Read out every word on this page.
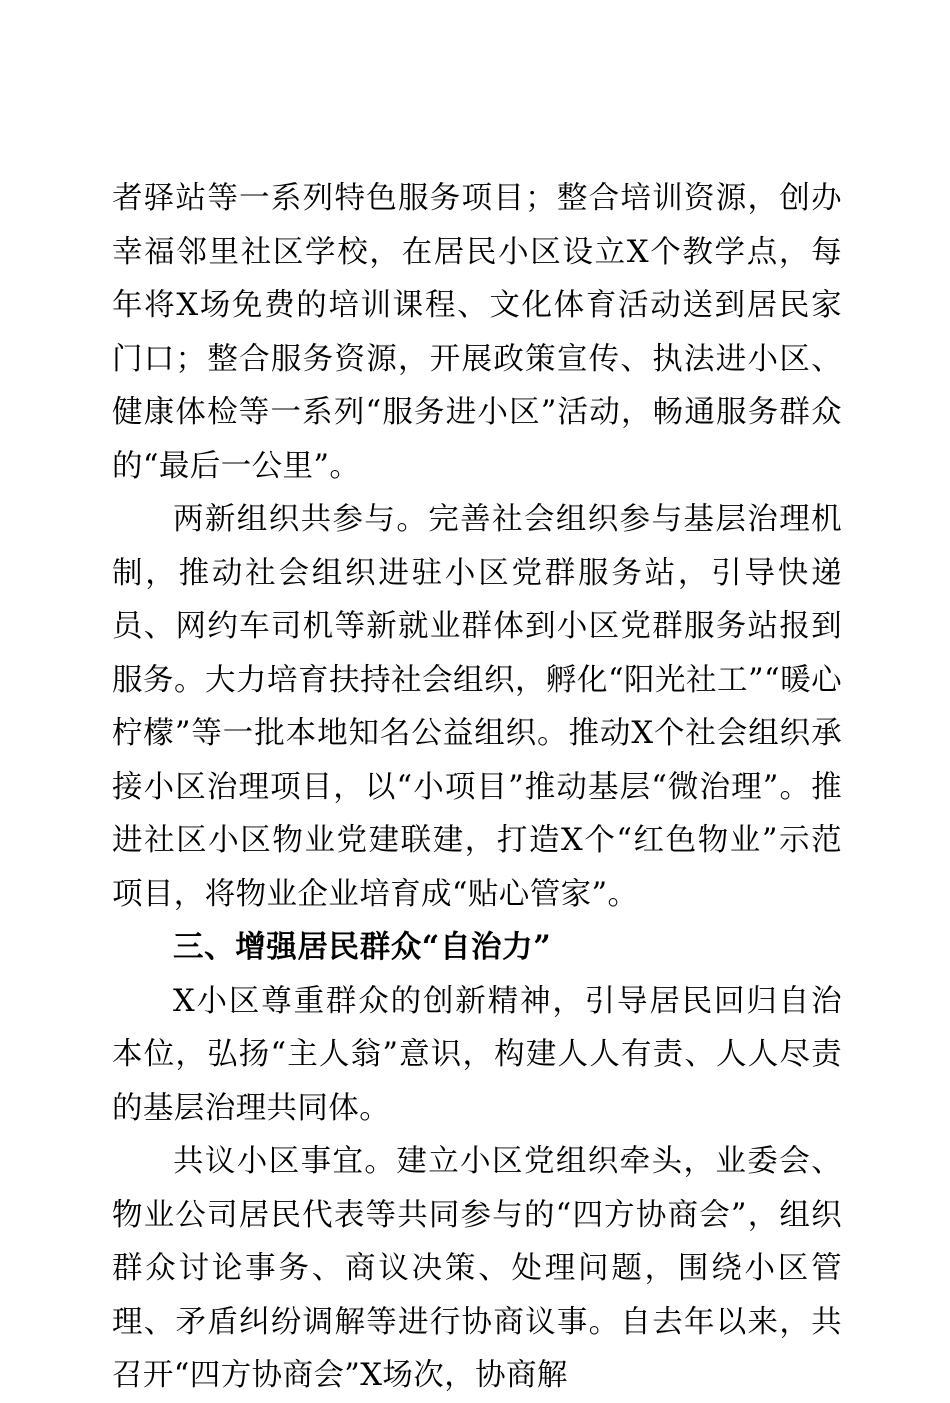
者驿站等一系列特色服务项目；整合培训资源，创办幸福邻里社区学校，在居民小区设立X个教学点，每年将X场免费的培训课程、文化体育活动送到居民家门口；整合服务资源，开展政策宣传、执法进小区、健康体检等一系列“服务进小区”活动，畅通服务群众的“最后一公里”。

两新组织共参与。完善社会组织参与基层治理机制，推动社会组织进驻小区党群服务站，引导快递员、网约车司机等新就业群体到小区党群服务站报到服务。大力培育扶持社会组织，孵化“阳光社工”“暖心柠檬”等一批本地知名公益组织。推动X个社会组织承接小区治理项目，以“小项目”推动基层“微治理”。推进社区小区物业党建联建，打造X个“红色物业”示范项目，将物业企业培育成“贴心管家”。

三、增强居民群众“自治力”

X小区尊重群众的创新精神，引导居民回归自治本位，弘扬“主人翁”意识，构建人人有责、人人尽责的基层治理共同体。

共议小区事宜。建立小区党组织牵头，业委会、物业公司居民代表等共同参与的“四方协商会”，组织群众讨论事务、商议决策、处理问题，围绕小区管理、矛盾纠纷调解等进行协商议事。自去年以来，共召开“四方协商会”X场次，协商解
